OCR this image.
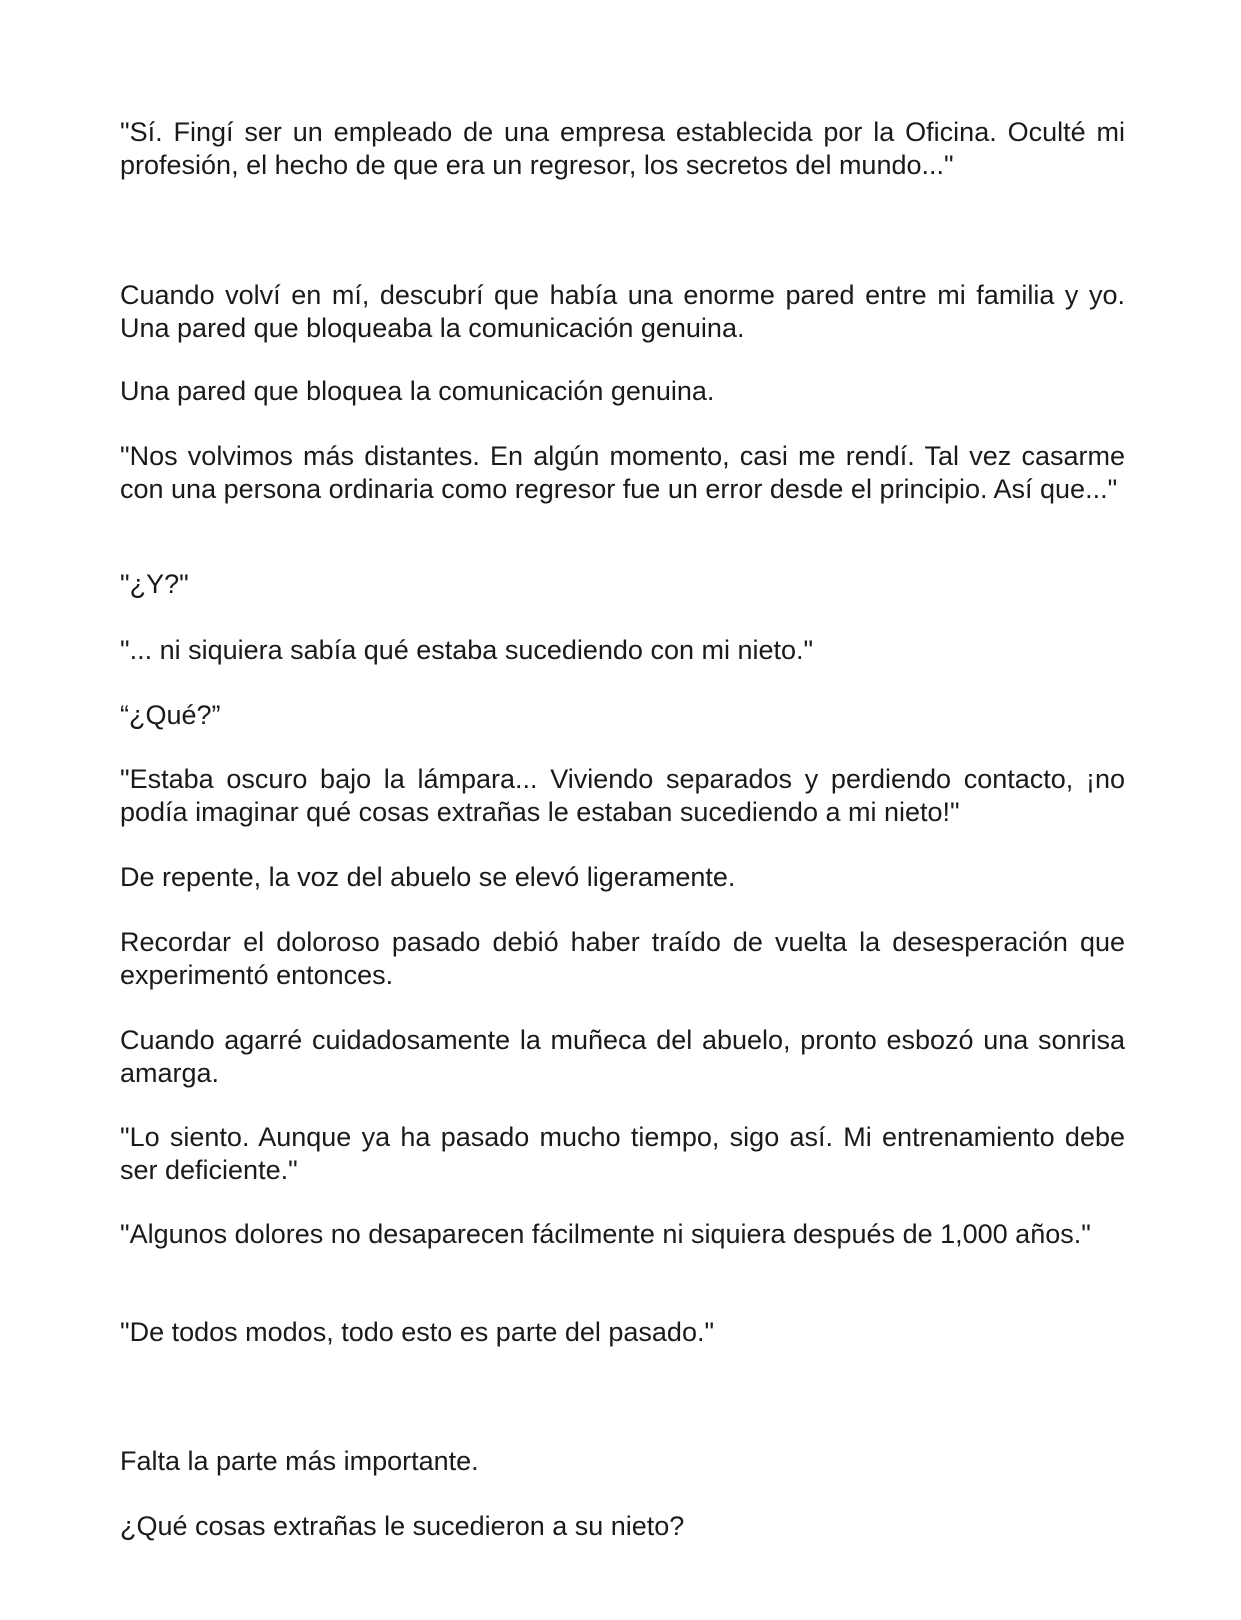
"Sí. Fingí ser un empleado de una empresa establecida por la Oficina. Oculté mi profesión, el hecho de que era un regresor, los secretos del mundo..."

Cuando volví en mí, descubrí que había una enorme pared entre mi familia y yo. Una pared que bloqueaba la comunicación genuina.

Una pared que bloquea la comunicación genuina.

"Nos volvimos más distantes. En algún momento, casi me rendí. Tal vez casarme con una persona ordinaria como regresor fue un error desde el principio. Así que..."

"¿Y?"

"... ni siquiera sabía qué estaba sucediendo con mi nieto."

“¿Qué?”

"Estaba oscuro bajo la lámpara... Viviendo separados y perdiendo contacto, ¡no podía imaginar qué cosas extrañas le estaban sucediendo a mi nieto!"

De repente, la voz del abuelo se elevó ligeramente.

Recordar el doloroso pasado debió haber traído de vuelta la desesperación que experimentó entonces.

Cuando agarré cuidadosamente la muñeca del abuelo, pronto esbozó una sonrisa amarga.

"Lo siento. Aunque ya ha pasado mucho tiempo, sigo así. Mi entrenamiento debe ser deficiente."

"Algunos dolores no desaparecen fácilmente ni siquiera después de 1,000 años."

"De todos modos, todo esto es parte del pasado."

Falta la parte más importante.

¿Qué cosas extrañas le sucedieron a su nieto?
